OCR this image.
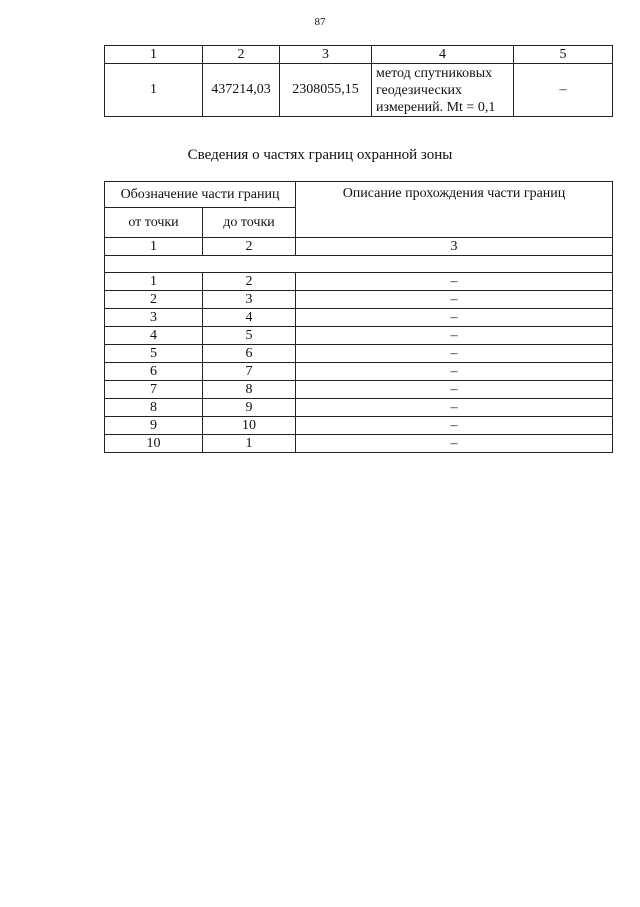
87
1	2	3	4	5
1	437214,03	2308055,15	метод спутниковых
геодезических
измерений. Mt = 0,1	–
Сведения о частях границ охранной зоны
Обозначение части границ		Описание прохождения части границ
от точки	до точки	
1	2	3

1	2	–
2	3	–
3	4	–
4	5	–
5	6	–
6	7	–
7	8	–
8	9	–
9	10	–
10	1	–
